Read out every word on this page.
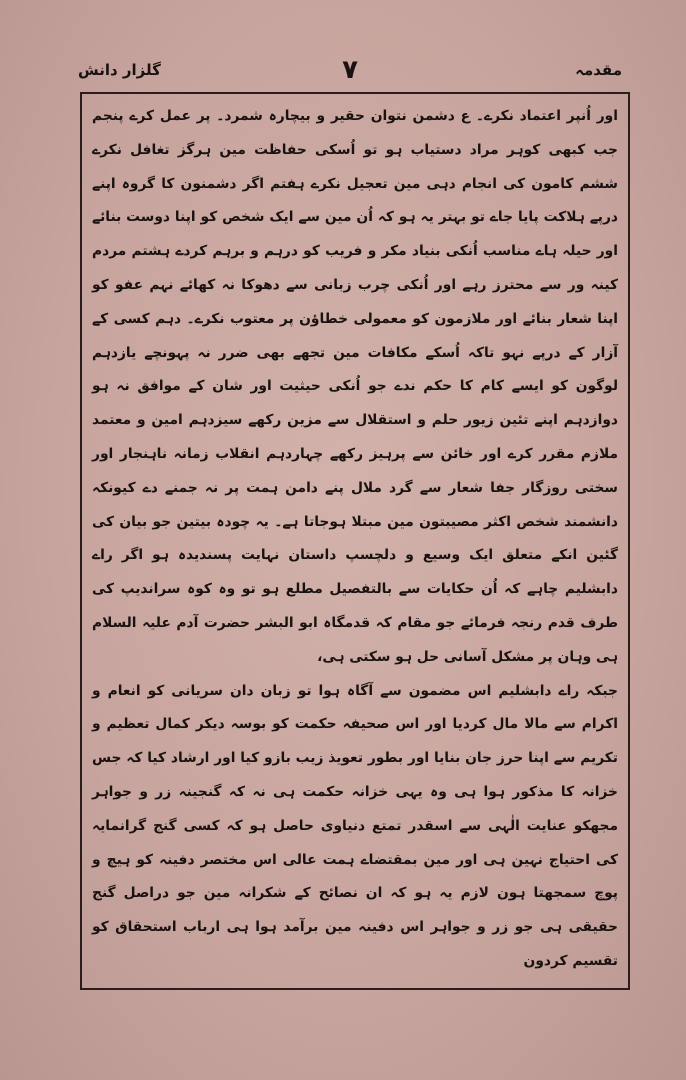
مقدمہ
۷
گلزار دانش

اور اُنپر اعتماد نکرے۔ ع دشمن نتوان حقیر و بیچارہ شمرد۔ پر عمل کرے پنجم جب کبھی کوہر مراد دستیاب ہو تو اُسکی حفاظت مین ہرگز تغافل نکرے ششم کامون کی انجام دہی مین تعجیل نکرے ہفتم اگر دشمنون کا گروہ اپنے درپے ہلاکت پایا جاے تو بہتر یہ ہو کہ اُن مین سے ایک شخص کو اپنا دوست بنائے اور حیلہ ہاے مناسب اُنکی بنیاد مکر و فریب کو درہم و برہم کردے ہشتم مردم کینہ ور سے محترز رہے اور اُنکی چرب زبانی سے دھوکا نہ کھائے نہم عفو کو اپنا شعار بنائے اور ملازمون کو معمولی خطاؤن پر معتوب نکرے۔ دہم کسی کے آزار کے درپے نہو تاکہ اُسکے مکافات مین تجھے بھی ضرر نہ پہونچے یازدہم لوگون کو ایسے کام کا حکم ندے جو اُنکی حیثیت اور شان کے موافق نہ ہو دوازدہم اپنے تئین زیور حلم و استقلال سے مزین رکھے سیزدہم امین و معتمد ملازم مقرر کرے اور خائن سے پرہیز رکھے چہاردہم انقلاب زمانہ ناہنجار اور سختی روزگار جفا شعار سے گرد ملال پنے دامن ہمت پر نہ جمنے دے کیونکہ دانشمند شخص اکثر مصیبتون مین مبتلا ہوجاتا ہے۔ یہ چودہ بیتین جو بیان کی گئین انکے متعلق ایک وسیع و دلچسپ داستان نہایت پسندیدہ ہو اگر راے دابشلیم چاہے کہ اُن حکایات سے بالتفصیل مطلع ہو تو وہ کوہ سراندیپ کی طرف قدم رنجہ فرمائے جو مقام کہ قدمگاہ ابو البشر حضرت آدم علیہ السلام ہی وہان پر مشکل آسانی حل ہو سکتی ہی،

جبکہ راے دابشلیم اس مضمون سے آگاہ ہوا تو زبان دان سریانی کو انعام و اکرام سے مالا مال کردیا اور اس صحیفہ حکمت کو بوسہ دیکر کمال تعظیم و تکریم سے اپنا حرز جان بنایا اور بطور تعویذ زیب بازو کیا اور ارشاد کیا کہ جس خزانہ کا مذکور ہوا ہی وہ یہی خزانہ حکمت ہی نہ کہ گنجینہ زر و جواہر مجھکو عنایت الٰہی سے اسقدر تمتع دنیاوی حاصل ہو کہ کسی گنج گرانمایہ کی احتیاج نہین ہی اور مین بمقتضاے ہمت عالی اس مختصر دفینہ کو ہیچ و پوچ سمجھتا ہون لازم یہ ہو کہ ان نصائح کے شکرانہ مین جو دراصل گنج حقیقی ہی جو زر و جواہر اس دفینہ مین برآمد ہوا ہی ارباب استحقاق کو تقسیم کردون
